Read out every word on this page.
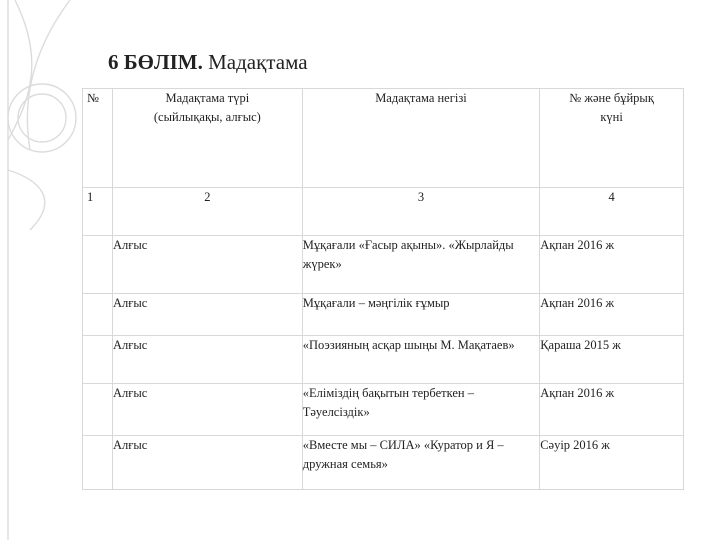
6 БӨЛІМ. Мадақтама
№	Мадақтама түрі (сыйлықақы, алғыс)	Мадақтама негізі	№ және бұйрық күні
1	2	3	4
	Алғыс	Мұқағали «Ғасыр ақыны». «Жырлайды жүрек»	Ақпан 2016 ж
	Алғыс	Мұқағали – мәңгілік ғұмыр	Ақпан 2016 ж
	Алғыс	«Поэзияның асқар шыңы М. Мақатаев»	Қараша 2015 ж
	Алғыс	«Еліміздің бақытын тербеткен – Тәуелсіздік»	Ақпан 2016 ж
	Алғыс	«Вместе мы – СИЛА» «Куратор и Я – дружная семья»	Сәуір 2016 ж
